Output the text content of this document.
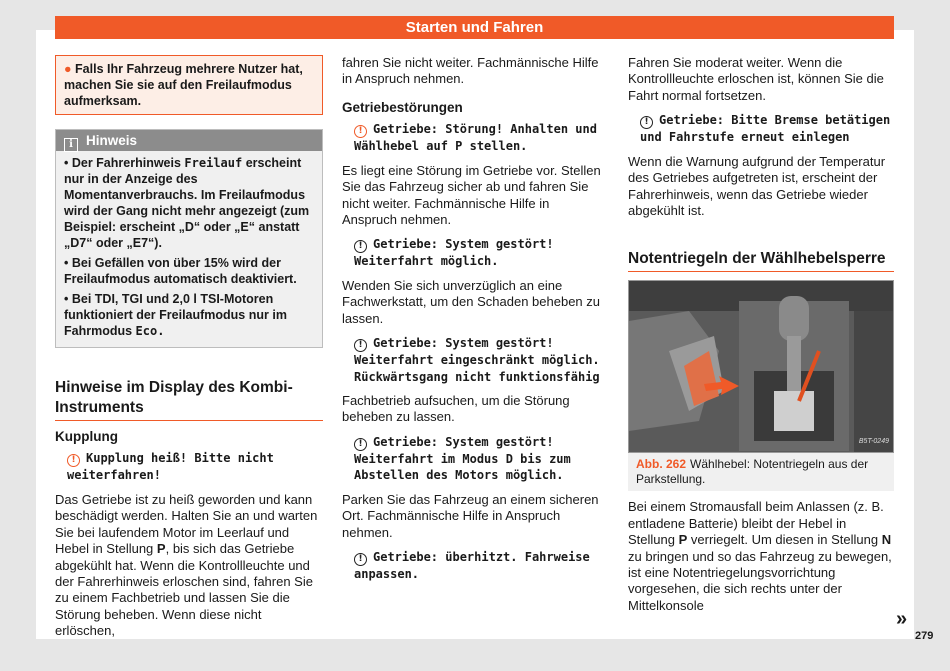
Starten und Fahren
● Falls Ihr Fahrzeug mehrere Nutzer hat, machen Sie sie auf den Freilaufmodus aufmerksam.
i Hinweis

• Der Fahrerhinweis Freilauf erscheint nur in der Anzeige des Momentanverbrauchs. Im Freilaufmodus wird der Gang nicht mehr angezeigt (zum Beispiel: erscheint „D“ oder „E“ anstatt „D7“ oder „E7“).

• Bei Gefällen von über 15% wird der Freilaufmodus automatisch deaktiviert.

• Bei TDI, TGI und 2,0 l TSI-Motoren funktioniert der Freilaufmodus nur im Fahrmodus Eco.

Hinweise im Display des Kombi-Instruments
Kupplung
! Kupplung heiß! Bitte nicht weiterfahren!

Das Getriebe ist zu heiß geworden und kann beschädigt werden. Halten Sie an und warten Sie bei laufendem Motor im Leerlauf und Hebel in Stellung P, bis sich das Getriebe abgekühlt hat. Wenn die Kontrollleuchte und der Fahrerhinweis erloschen sind, fahren Sie zu einem Fachbetrieb und lassen Sie die Störung beheben. Wenn diese nicht erlöschen,

fahren Sie nicht weiter. Fachmännische Hilfe in Anspruch nehmen.

Getriebestörungen
! Getriebe: Störung! Anhalten und Wählhebel auf P stellen.

Es liegt eine Störung im Getriebe vor. Stellen Sie das Fahrzeug sicher ab und fahren Sie nicht weiter. Fachmännische Hilfe in Anspruch nehmen.

! Getriebe: System gestört! Weiterfahrt möglich.

Wenden Sie sich unverzüglich an eine Fachwerkstatt, um den Schaden beheben zu lassen.

! Getriebe: System gestört! Weiterfahrt eingeschränkt möglich. Rückwärtsgang nicht funktionsfähig

Fachbetrieb aufsuchen, um die Störung beheben zu lassen.

! Getriebe: System gestört! Weiterfahrt im Modus D bis zum Abstellen des Motors möglich.

Parken Sie das Fahrzeug an einem sicheren Ort. Fachmännische Hilfe in Anspruch nehmen.

! Getriebe: überhitzt. Fahrweise anpassen.

Fahren Sie moderat weiter. Wenn die Kontrollleuchte erloschen ist, können Sie die Fahrt normal fortsetzen.

! Getriebe: Bitte Bremse betätigen und Fahrstufe erneut einlegen

Wenn die Warnung aufgrund der Temperatur des Getriebes aufgetreten ist, erscheint der Fahrerhinweis, wenn das Getriebe wieder abgekühlt ist.

Notentriegeln der Wählhebelsperre
B5T-0249
Abb. 262 Wählhebel: Notentriegeln aus der Parkstellung.

Bei einem Stromausfall beim Anlassen (z. B. entladene Batterie) bleibt der Hebel in Stellung P verriegelt. Um diesen in Stellung N zu bringen und so das Fahrzeug zu bewegen, ist eine Notentriegelungsvorrichtung vorgesehen, die sich rechts unter der Mittelkonsole

»
279
